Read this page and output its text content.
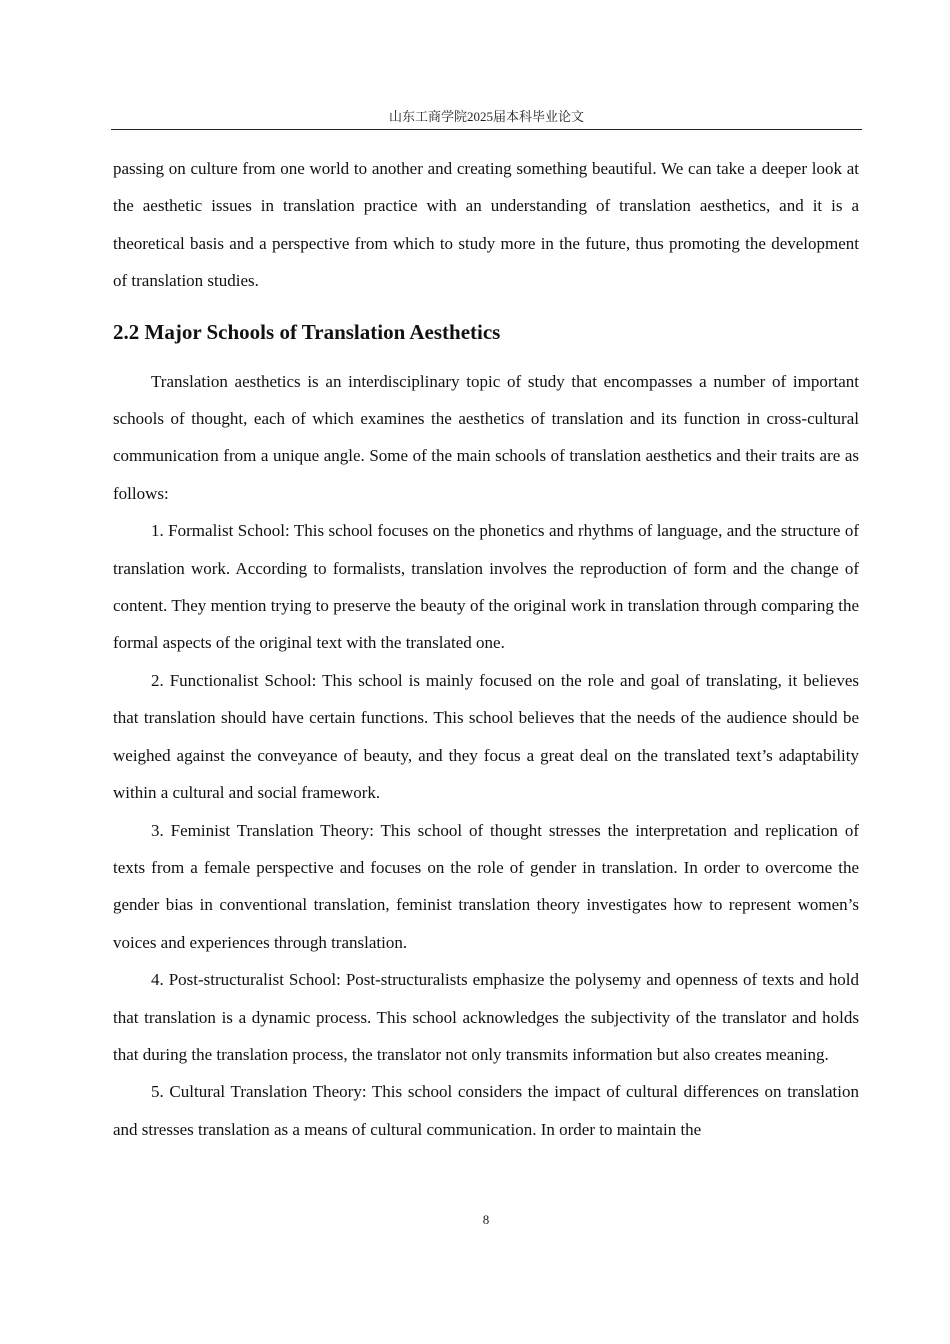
山东工商学院2025届本科毕业论文

passing on culture from one world to another and creating something beautiful. We can take a deeper look at the aesthetic issues in translation practice with an understanding of translation aesthetics, and it is a theoretical basis and a perspective from which to study more in the future, thus promoting the development of translation studies.

2.2 Major Schools of Translation Aesthetics

Translation aesthetics is an interdisciplinary topic of study that encompasses a number of important schools of thought, each of which examines the aesthetics of translation and its function in cross-cultural communication from a unique angle. Some of the main schools of translation aesthetics and their traits are as follows:

1. Formalist School: This school focuses on the phonetics and rhythms of language, and the structure of translation work. According to formalists, translation involves the reproduction of form and the change of content. They mention trying to preserve the beauty of the original work in translation through comparing the formal aspects of the original text with the translated one.

2. Functionalist School: This school is mainly focused on the role and goal of translating, it believes that translation should have certain functions. This school believes that the needs of the audience should be weighed against the conveyance of beauty, and they focus a great deal on the translated text’s adaptability within a cultural and social framework.

3. Feminist Translation Theory: This school of thought stresses the interpretation and replication of texts from a female perspective and focuses on the role of gender in translation. In order to overcome the gender bias in conventional translation, feminist translation theory investigates how to represent women’s voices and experiences through translation.

4. Post-structuralist School: Post-structuralists emphasize the polysemy and openness of texts and hold that translation is a dynamic process. This school acknowledges the subjectivity of the translator and holds that during the translation process, the translator not only transmits information but also creates meaning.

5. Cultural Translation Theory: This school considers the impact of cultural differences on translation and stresses translation as a means of cultural communication. In order to maintain the

8
